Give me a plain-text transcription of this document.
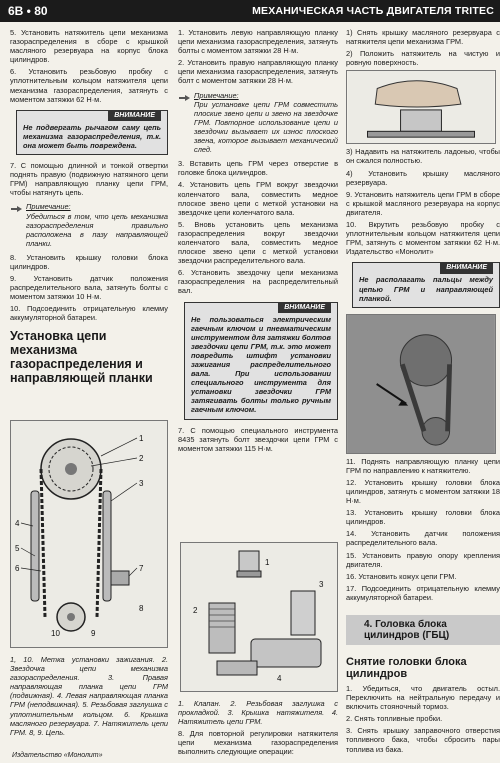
6В • 80	МЕХАНИЧЕСКАЯ ЧАСТЬ ДВИГАТЕЛЯ TRITEC

5. Установить натяжитель цепи механизма газораспределения в сборе с крышкой масляного резервуара на корпус блока цилиндров.

6. Установить резьбовую пробку с уплотнительным кольцом натяжителя цепи механизма газораспределения, затянуть с моментом затяжки 62 Н·м.

ВНИМАНИЕ
Не подвергать рычагом саму цепь механизма газораспределения, т.к. она может быть повреждена.

7. С помощью длинной и тонкой отвертки поднять правую (подвижную натяжного цепи ГРМ) направляющую планку цепи ГРМ, чтобы натянуть цепь.

Примечание:
Убедиться в том, что цепь механизма газораспределения правильно расположена в пазу направляющей планки.

8. Установить крышку головки блока цилиндров.

9. Установить датчик положения распределительного вала, затянуть болты с моментом затяжки 10 Н·м.

10. Подсоединить отрицательную клемму аккумуляторной батареи.

Установка цепи механизма газораспределения и направляющей планки
1
2
3
4
5
6	7
8
9
10

1, 10. Метка установки зажигания. 2. Звездочка цепи механизма газораспределения. 3. Правая направляющая планка цепи ГРМ (подвижная). 4. Левая направляющая планка ГРМ (неподвижная). 5. Резьбовая заглушка с уплотнительным кольцом. 6. Крышка масляного резервуара. 7. Натяжитель цепи ГРМ. 8, 9. Цепь.

1. Установить левую направляющую планку цепи механизма газораспределения, затянуть болты с моментом затяжки 28 Н·м.

2. Установить правую направляющую планку цепи механизма газораспределения, затянуть болт с моментом затяжки 28 Н·м.

Примечание:
При установке цепи ГРМ совместить плоские звено цепи и звено на звездочке ГРМ. Повторное использование цепи и звездочки вызывает их износ плоского звена, которое вызывает механический след.

3. Вставить цепь ГРМ через отверстие в головке блока цилиндров.

4. Установить цепь ГРМ вокруг звездочки коленчатого вала, совместить медное плоское звено цепи с меткой установки на звездочке цепи коленчатого вала.

5. Вновь установить цепь механизма газораспределения вокруг звездочки коленчатого вала, совместить медное плоское звено цепи с меткой установки звездочки распределительного вала.

6. Установить звездочку цепи механизма газораспределения на распределительный вал.

ВНИМАНИЕ
Не пользоваться электрическим гаечным ключом и пневматическим инструментом для затяжки болтов звездочки цепи ГРМ, т.к. это может повредить штифт установки зажигания распределительного вала. При использовании специального инструмента для установки звездочки ГРМ затягивать болты только ручным гаечным ключом.

7. С помощью специального инструмента 8435 затянуть болт звездочки цепи ГРМ с моментом затяжки 115 Н·м.

1
2
3
4

1. Клапан. 2. Резьбовая заглушка с прокладкой. 3. Крышка натяжителя. 4. Натяжитель цепи ГРМ.

8. Для повторной регулировки натяжителя цепи механизма газораспределения выполнить следующие операции:

1) Снять крышку масляного резервуара с натяжителя цепи механизма ГРМ.

2) Положить натяжитель на чистую и ровную поверхность.

3) Надавить на натяжитель ладонью, чтобы он сжался полностью.

4) Установить крышку масляного резервуара.

9. Установить натяжитель цепи ГРМ в сборе с крышкой масляного резервуара на корпус двигателя.

10. Вкрутить резьбовую пробку с уплотнительным кольцом натяжителя цепи ГРМ, затянуть с моментом затяжки 62 Н·м. Издательство «Монолит»

ВНИМАНИЕ
Не располагать пальцы между цепью ГРМ и направляющей планкой.

11. Поднять направляющую планку цепи ГРМ по направлению к натяжителю.

12. Установить крышку головки блока цилиндров, затянуть с моментом затяжки 18 Н·м.

13. Установить крышку головки блока цилиндров.

14. Установить датчик положения распределительного вала.

15. Установить правую опору крепления двигателя.

16. Установить кожух цепи ГРМ.

17. Подсоединить отрицательную клемму аккумуляторной батареи.

4. Головка блока цилиндров (ГБЦ)
Снятие головки блока цилиндров

1. Убедиться, что двигатель остыл. Переключить на нейтральную передачу и включить стояночный тормоз.

2. Снять топливные пробки.

3. Снять крышку заправочного отверстия топливного бака, чтобы сбросить пары топлива из бака.

Издательство «Монолит»
